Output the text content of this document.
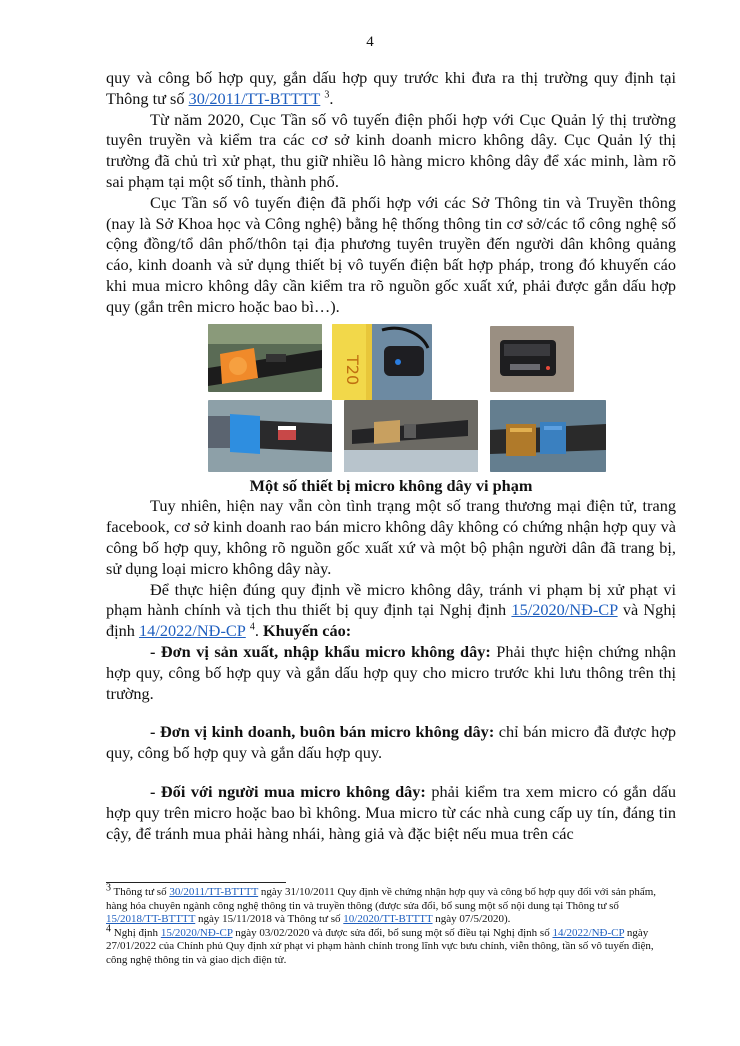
4

quy và công bố hợp quy, gắn dấu hợp quy trước khi đưa ra thị trường quy định tại Thông tư số 30/2011/TT-BTTTT $^3$.

Từ năm 2020, Cục Tần số vô tuyến điện phối hợp với Cục Quản lý thị trường tuyên truyền và kiểm tra các cơ sở kinh doanh micro không dây. Cục Quản lý thị trường đã chủ trì xử phạt, thu giữ nhiều lô hàng micro không dây để xác minh, làm rõ sai phạm tại một số tỉnh, thành phố.

Cục Tần số vô tuyến điện đã phối hợp với các Sở Thông tin và Truyền thông (nay là Sở Khoa học và Công nghệ) bằng hệ thống thông tin cơ sở/các tổ công nghệ số cộng đồng/tổ dân phố/thôn tại địa phương tuyên truyền đến người dân không quảng cáo, kinh doanh và sử dụng thiết bị vô tuyến điện bất hợp pháp, trong đó khuyến cáo khi mua micro không dây cần kiểm tra rõ nguồn gốc xuất xứ, phải được gắn dấu hợp quy (gắn trên micro hoặc bao bì…).

T20

Một số thiết bị micro không dây vi phạm

Tuy nhiên, hiện nay vẫn còn tình trạng một số trang thương mại điện tử, trang facebook, cơ sở kinh doanh rao bán micro không dây không có chứng nhận hợp quy và công bố hợp quy, không rõ nguồn gốc xuất xứ và một bộ phận người dân đã trang bị, sử dụng loại micro không dây này.

Để thực hiện đúng quy định về micro không dây, tránh vi phạm bị xử phạt vi phạm hành chính và tịch thu thiết bị quy định tại Nghị định 15/2020/NĐ-CP và Nghị định 14/2022/NĐ-CP $^4$. Khuyến cáo:

- Đơn vị sản xuất, nhập khẩu micro không dây: Phải thực hiện chứng nhận hợp quy, công bố hợp quy và gắn dấu hợp quy cho micro trước khi lưu thông trên thị trường.

- Đơn vị kinh doanh, buôn bán micro không dây: chỉ bán micro đã được hợp quy, công bố hợp quy và gắn dấu hợp quy.

- Đối với người mua micro không dây: phải kiểm tra xem micro có gắn dấu hợp quy trên micro hoặc bao bì không. Mua micro từ các nhà cung cấp uy tín, đáng tin cậy, để tránh mua phải hàng nhái, hàng giả và đặc biệt nếu mua trên các

$^3$ Thông tư số 30/2011/TT-BTTTT ngày 31/10/2011 Quy định về chứng nhận hợp quy và công bố hợp quy đối với sản phẩm, hàng hóa chuyên ngành công nghệ thông tin và truyền thông (được sửa đổi, bổ sung một số nội dung tại Thông tư số 15/2018/TT-BTTTT ngày 15/11/2018 và Thông tư số 10/2020/TT-BTTTT ngày 07/5/2020).

$^4$ Nghị định 15/2020/NĐ-CP ngày 03/02/2020 và được sửa đổi, bổ sung một số điều tại Nghị định số 14/2022/NĐ-CP ngày 27/01/2022 của Chính phủ Quy định xử phạt vi phạm hành chính trong lĩnh vực bưu chính, viễn thông, tần số vô tuyến điện, công nghệ thông tin và giao dịch điện tử.
